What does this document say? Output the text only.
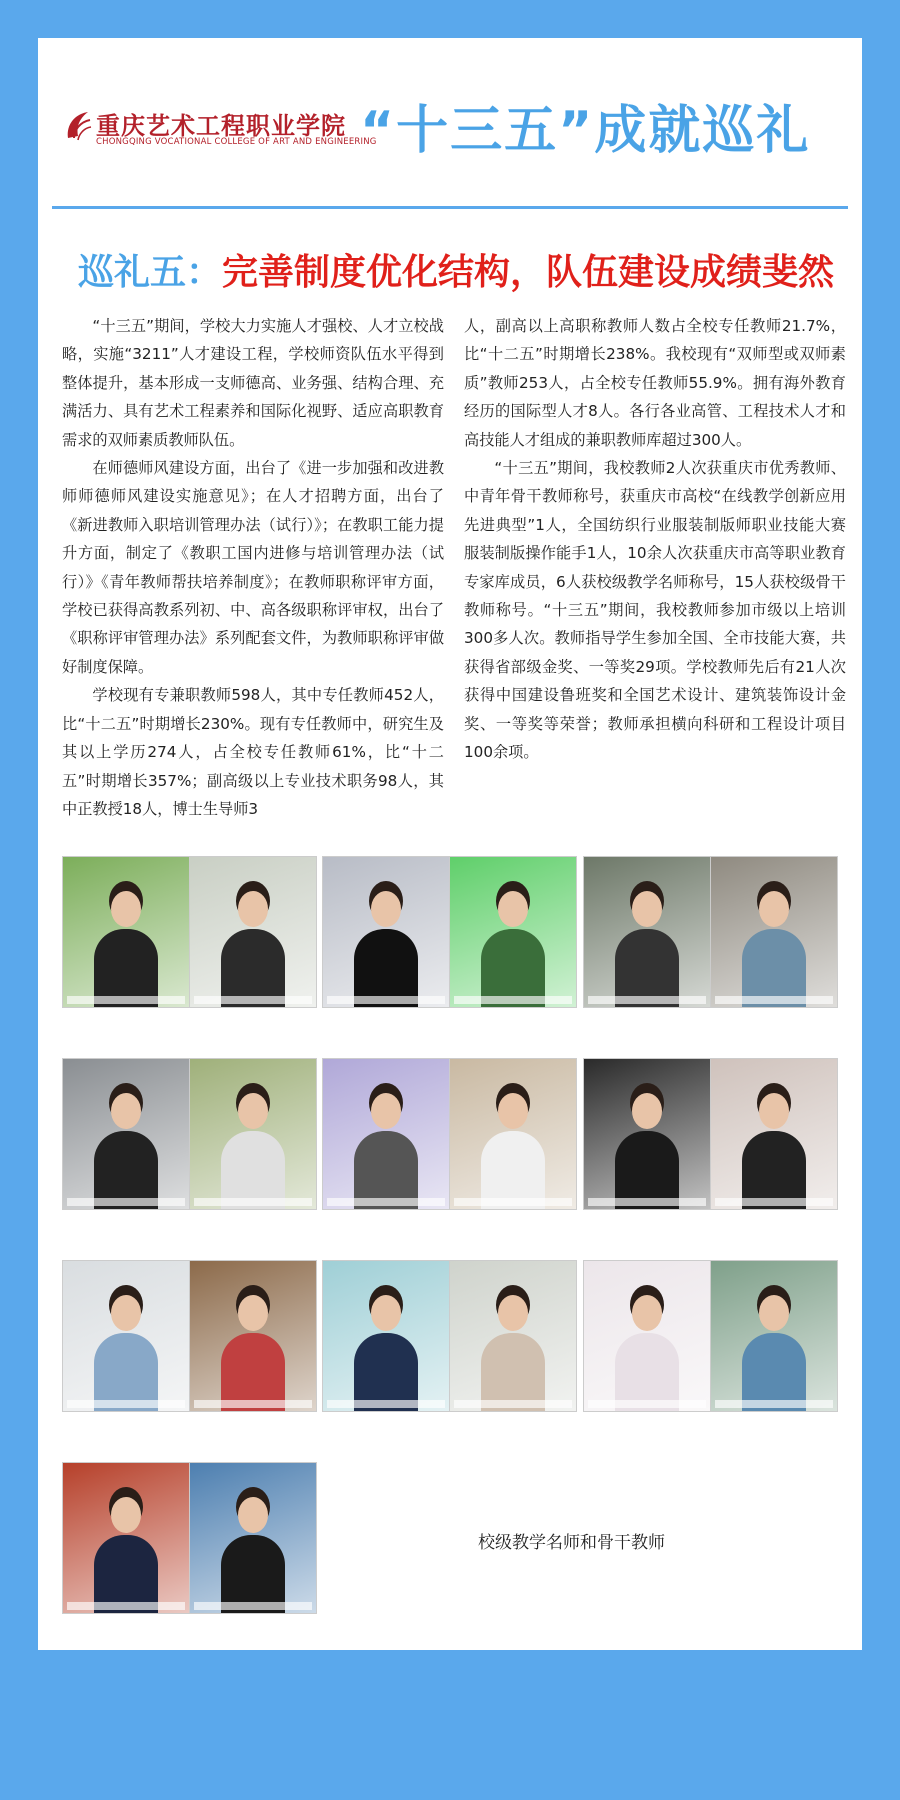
重庆艺术工程职业学院
CHONGQING VOCATIONAL COLLEGE OF ART AND ENGINEERING
“十三五”成就巡礼
巡礼五：完善制度优化结构，队伍建设成绩斐然

“十三五”期间，学校大力实施人才强校、人才立校战略，实施“3211”人才建设工程，学校师资队伍水平得到整体提升，基本形成一支师德高、业务强、结构合理、充满活力、具有艺术工程素养和国际化视野、适应高职教育需求的双师素质教师队伍。

在师德师风建设方面，出台了《进一步加强和改进教师师德师风建设实施意见》；在人才招聘方面，出台了《新进教师入职培训管理办法（试行）》；在教职工能力提升方面，制定了《教职工国内进修与培训管理办法（试行）》《青年教师帮扶培养制度》；在教师职称评审方面，学校已获得高教系列初、中、高各级职称评审权，出台了《职称评审管理办法》系列配套文件，为教师职称评审做好制度保障。

学校现有专兼职教师598人，其中专任教师452人，比“十二五”时期增长230%。现有专任教师中，研究生及其以上学历274人，占全校专任教师61%，比“十二五”时期增长357%；副高级以上专业技术职务98人，其中正教授18人，博士生导师3

人，副高以上高职称教师人数占全校专任教师21.7%，比“十二五”时期增长238%。我校现有“双师型或双师素质”教师253人，占全校专任教师55.9%。拥有海外教育经历的国际型人才8人。各行各业高管、工程技术人才和高技能人才组成的兼职教师库超过300人。

“十三五”期间，我校教师2人次获重庆市优秀教师、中青年骨干教师称号，获重庆市高校“在线教学创新应用先进典型”1人，全国纺织行业服装制版师职业技能大赛服装制版操作能手1人，10余人次获重庆市高等职业教育专家库成员，6人获校级教学名师称号，15人获校级骨干教师称号。“十三五”期间，我校教师参加市级以上培训300多人次。教师指导学生参加全国、全市技能大赛，共获得省部级金奖、一等奖29项。学校教师先后有21人次获得中国建设鲁班奖和全国艺术设计、建筑装饰设计金奖、一等奖等荣誉；教师承担横向科研和工程设计项目100余项。

校级教学名师和骨干教师
